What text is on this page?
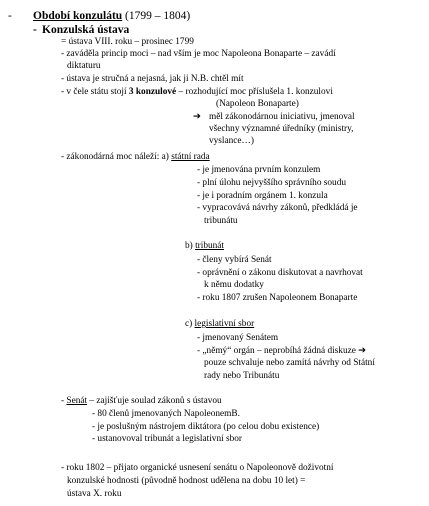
- Období konzulátu (1799 – 1804)
- Konzulská ústava
= ústava VIII. roku – prosinec 1799
- zaváděla princip moci – nad vším je moc Napoleona Bonaparte – zavádí
diktaturu
- ústava je stručná a nejasná, jak ji N.B. chtěl mít
- v čele státu stojí 3 konzulové – rozhodující moc příslušela 1. konzulovi
(Napoleon Bonaparte)
➔ měl zákonodárnou iniciativu, jmenoval
všechny významné úředníky (ministry,
vyslance…)
- zákonodárná moc náleží: a) státní rada
- je jmenována prvním konzulem
- plní úlohu nejvyššího správního soudu
- je i poradním orgánem 1. konzula
- vypracovává návrhy zákonů, předkládá je
tribunátu
b) tribunát
- členy vybírá Senát
- oprávnění o zákonu diskutovat a navrhovat
k němu dodatky
- roku 1807 zrušen Napoleonem Bonaparte
c) legislativní sbor
- jmenovaný Senátem
- „němý“ orgán – neprobíhá žádná diskuze ➔
pouze schvaluje nebo zamítá návrhy od Státní
rady nebo Tribunátu
- Senát – zajišťuje soulad zákonů s ústavou
- 80 členů jmenovaných NapoleonemB.
- je poslušným nástrojem diktátora (po celou dobu existence)
- ustanovoval tribunát a legislativní sbor
- roku 1802 – přijato organické usnesení senátu o Napoleonově doživotní
konzulské hodnosti (původně hodnost udělena na dobu 10 let) =
ústava X. roku
